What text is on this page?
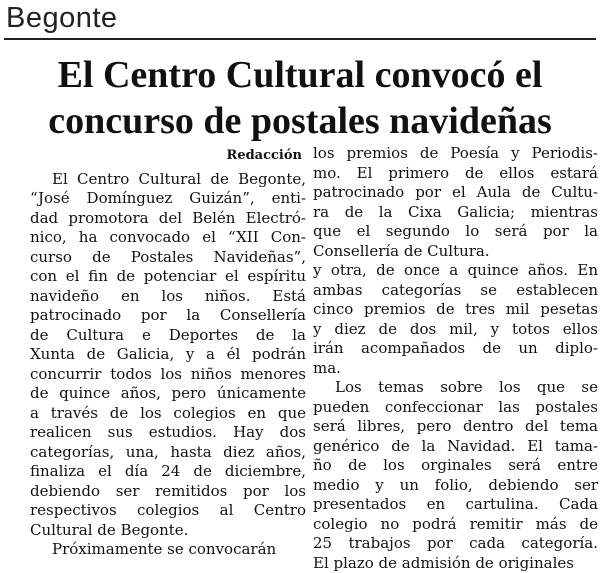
Begonte
El Centro Cultural convocó el
concurso de postales navideñas

Redacción

El Centro Cultural de Begonte,
“José Domínguez Guizán”, enti-
dad promotora del Belén Electró-
nico, ha convocado el “XII Con-
curso de Postales Navideñas”,
con el fin de potenciar el espíritu
navideño en los niños. Está
patrocinado por la Consellería
de Cultura e Deportes de la
Xunta de Galicia, y a él podrán
concurrir todos los niños menores
de quince años, pero únicamente
a través de los colegios en que
realicen sus estudios. Hay dos
categorías, una, hasta diez años,
finaliza el día 24 de diciembre,
debiendo ser remitidos por los
respectivos colegios al Centro
Cultural de Begonte.
Próximamente se convocarán
los premios de Poesía y Periodis-
mo. El primero de ellos estará
patrocinado por el Aula de Cultu-
ra de la Cixa Galicia; mientras
que el segundo lo será por la
Consellería de Cultura.
y otra, de once a quince años. En
ambas categorías se establecen
cinco premios de tres mil pesetas
y diez de dos mil, y totos ellos
irán acompañados de un diplo-
ma.
Los temas sobre los que se
pueden confeccionar las postales
será libres, pero dentro del tema
genérico de la Navidad. El tama-
ño de los orginales será entre
medio y un folio, debiendo ser
presentados en cartulina. Cada
colegio no podrá remitir más de
25 trabajos por cada categoría.
El plazo de admisión de originales
